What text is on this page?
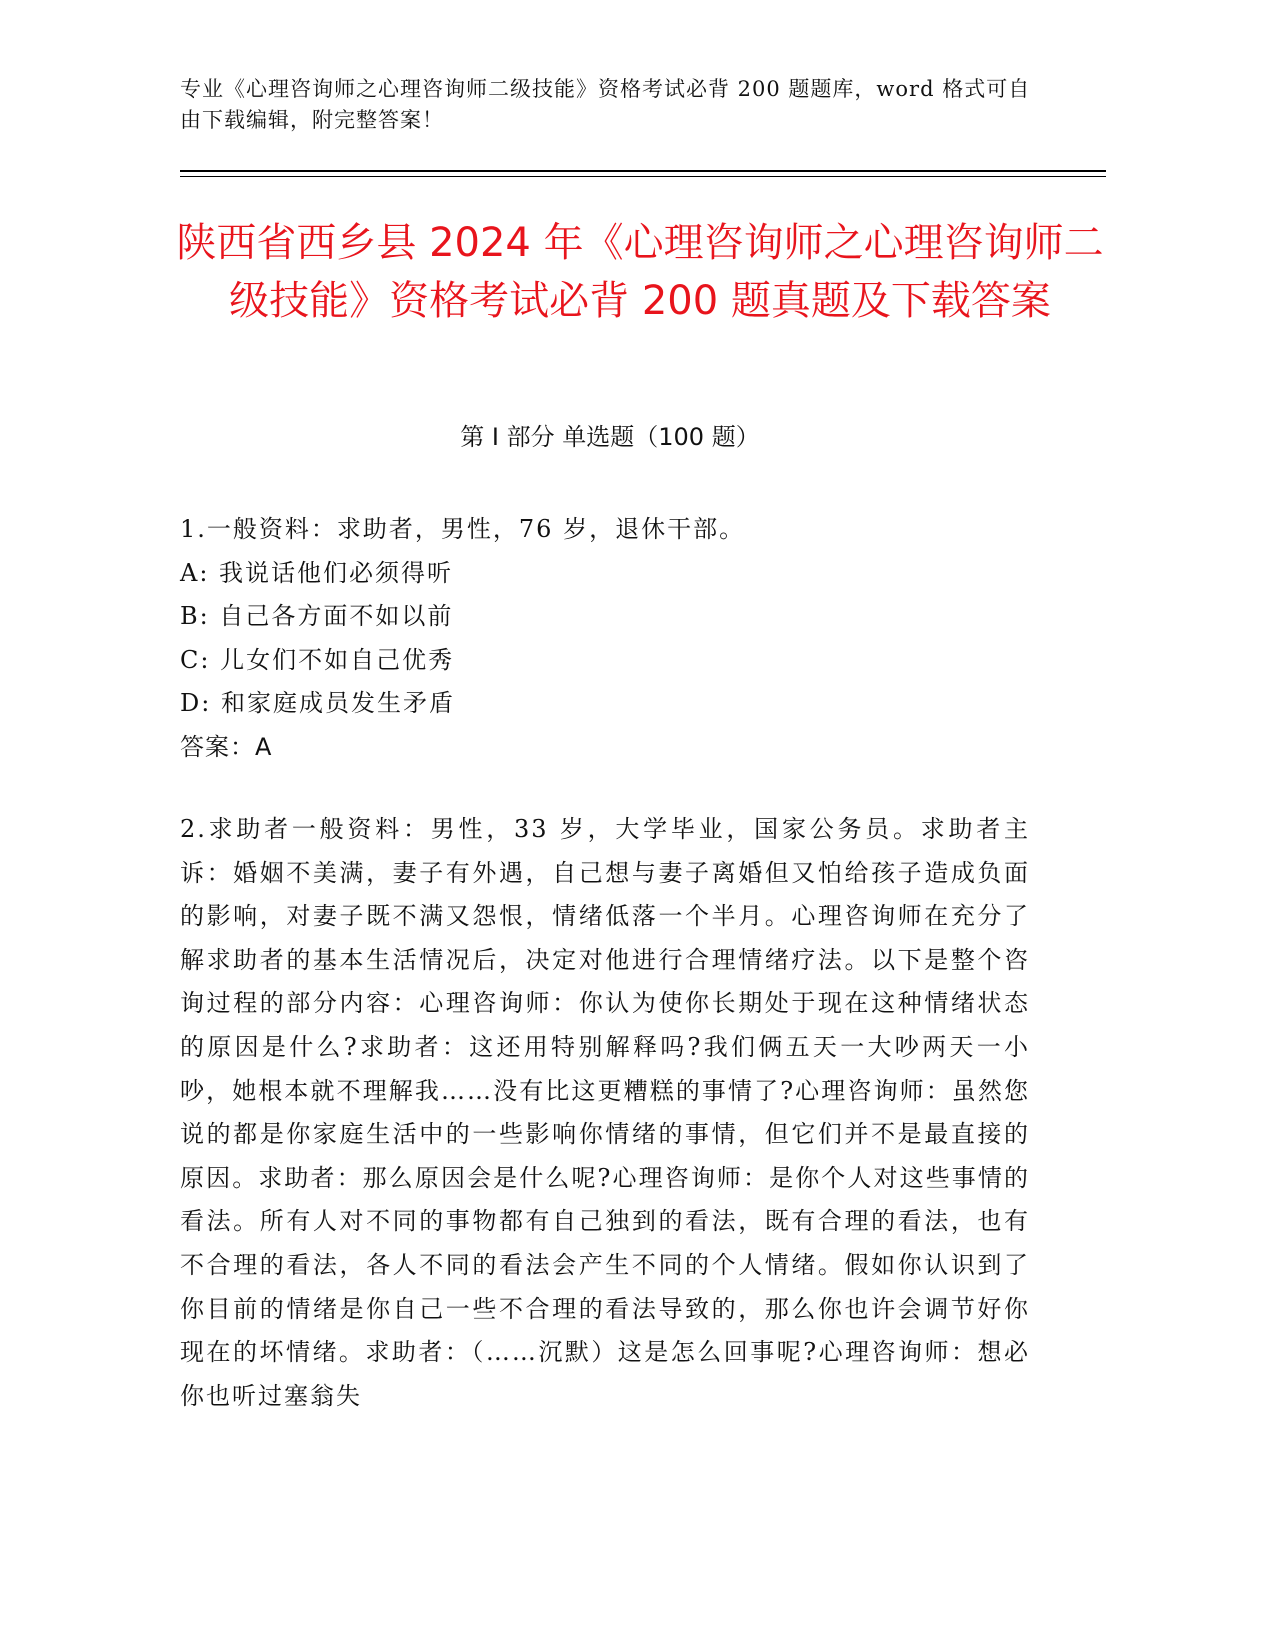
专业《心理咨询师之心理咨询师二级技能》资格考试必背 200 题题库，word 格式可自由下载编辑，附完整答案！
陕西省西乡县 2024 年《心理咨询师之心理咨询师二级技能》资格考试必背 200 题真题及下载答案
第 I 部分 单选题（100 题）
1.一般资料：求助者，男性，76 岁，退休干部。
A: 我说话他们必须得听
B: 自己各方面不如以前
C: 儿女们不如自己优秀
D: 和家庭成员发生矛盾
答案：A
2.求助者一般资料：男性，33 岁，大学毕业，国家公务员。求助者主诉：婚姻不美满，妻子有外遇，自己想与妻子离婚但又怕给孩子造成负面的影响，对妻子既不满又怨恨，情绪低落一个半月。心理咨询师在充分了解求助者的基本生活情况后，决定对他进行合理情绪疗法。以下是整个咨询过程的部分内容：心理咨询师：你认为使你长期处于现在这种情绪状态的原因是什么?求助者：这还用特别解释吗?我们俩五天一大吵两天一小吵，她根本就不理解我……没有比这更糟糕的事情了?心理咨询师：虽然您说的都是你家庭生活中的一些影响你情绪的事情，但它们并不是最直接的原因。求助者：那么原因会是什么呢?心理咨询师：是你个人对这些事情的看法。所有人对不同的事物都有自己独到的看法，既有合理的看法，也有不合理的看法，各人不同的看法会产生不同的个人情绪。假如你认识到了你目前的情绪是你自己一些不合理的看法导致的，那么你也许会调节好你现在的坏情绪。求助者：（……沉默）这是怎么回事呢?心理咨询师：想必你也听过塞翁失
